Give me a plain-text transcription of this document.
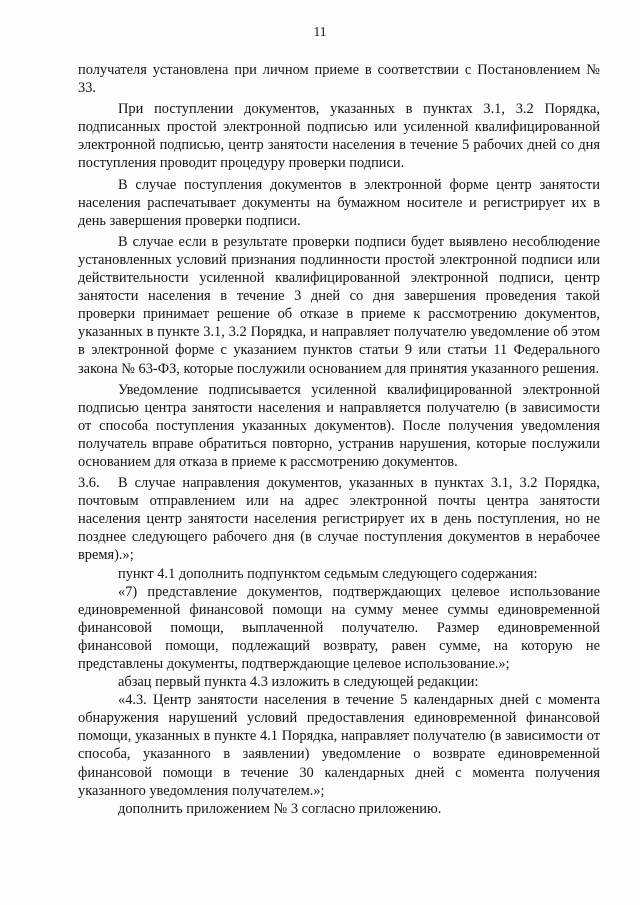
11

получателя установлена при личном приеме в соответствии с Постановлением № 33.

При поступлении документов, указанных в пунктах 3.1, 3.2 Порядка, подписанных простой электронной подписью или усиленной квалифицированной электронной подписью, центр занятости населения в течение 5 рабочих дней со дня поступления проводит процедуру проверки подписи.

В случае поступления документов в электронной форме центр занятости населения распечатывает документы на бумажном носителе и регистрирует их в день завершения проверки подписи.

В случае если в результате проверки подписи будет выявлено несоблюдение установленных условий признания подлинности простой электронной подписи или действительности усиленной квалифицированной электронной подписи, центр занятости населения в течение 3 дней со дня завершения проведения такой проверки принимает решение об отказе в приеме к рассмотрению документов, указанных в пункте 3.1, 3.2 Порядка, и направляет получателю уведомление об этом в электронной форме с указанием пунктов статьи 9 или статьи 11 Федерального закона № 63-ФЗ, которые послужили основанием для принятия указанного решения.

Уведомление подписывается усиленной квалифицированной электронной подписью центра занятости населения и направляется получателю (в зависимости от способа поступления указанных документов). После получения уведомления получатель вправе обратиться повторно, устранив нарушения, которые послужили основанием для отказа в приеме к рассмотрению документов.

3.6. В случае направления документов, указанных в пунктах 3.1, 3.2 Порядка, почтовым отправлением или на адрес электронной почты центра занятости населения центр занятости населения регистрирует их в день поступления, но не позднее следующего рабочего дня (в случае поступления документов в нерабочее время).»;

пункт 4.1 дополнить подпунктом седьмым следующего содержания:

«7) представление документов, подтверждающих целевое использование единовременной финансовой помощи на сумму менее суммы единовременной финансовой помощи, выплаченной получателю. Размер единовременной финансовой помощи, подлежащий возврату, равен сумме, на которую не представлены документы, подтверждающие целевое использование.»;

абзац первый пункта 4.3 изложить в следующей редакции:

«4.3. Центр занятости населения в течение 5 календарных дней с момента обнаружения нарушений условий предоставления единовременной финансовой помощи, указанных в пункте 4.1 Порядка, направляет получателю (в зависимости от способа, указанного в заявлении) уведомление о возврате единовременной финансовой помощи в течение 30 календарных дней с момента получения указанного уведомления получателем.»;

дополнить приложением № 3 согласно приложению.
